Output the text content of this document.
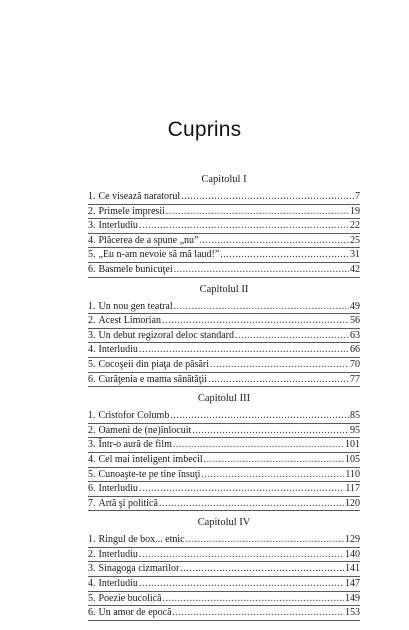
Cuprins
Capitolul I
1. Ce visează naratorul .....	7
2. Primele impresii .....	19
3. Interludiu .....	22
4. Plăcerea de a spune „nu” .....	25
5. „Eu n-am nevoie să mă laud!” .....	31
6. Basmele bunicuţei .....	42
Capitolul II
1. Un nou gen teatral .....	49
2. Acest Limorian .....	56
3. Un debut regizoral deloc standard .....	63
4. Interludiu .....	66
5. Cocoşeii din piaţa de păsări .....	70
6. Curăţenia e mama sănătăţii .....	77
Capitolul III
1. Cristofor Columb .....	85
2. Oameni de (ne)înlocuit .....	95
3. Într-o aură de film .....	101
4. Cel mai inteligent imbecil .....	105
5. Cunoaşte-te pe tine însuţi .....	110
6. Interludiu .....	117
7. Artă şi politică .....	120
Capitolul IV
1. Ringul de box... etnic .....	129
2. Interludiu .....	140
3. Sinagoga cizmarilor .....	141
4. Interludiu .....	147
5. Poezie bucolică .....	149
6. Un amor de epocă .....	153
